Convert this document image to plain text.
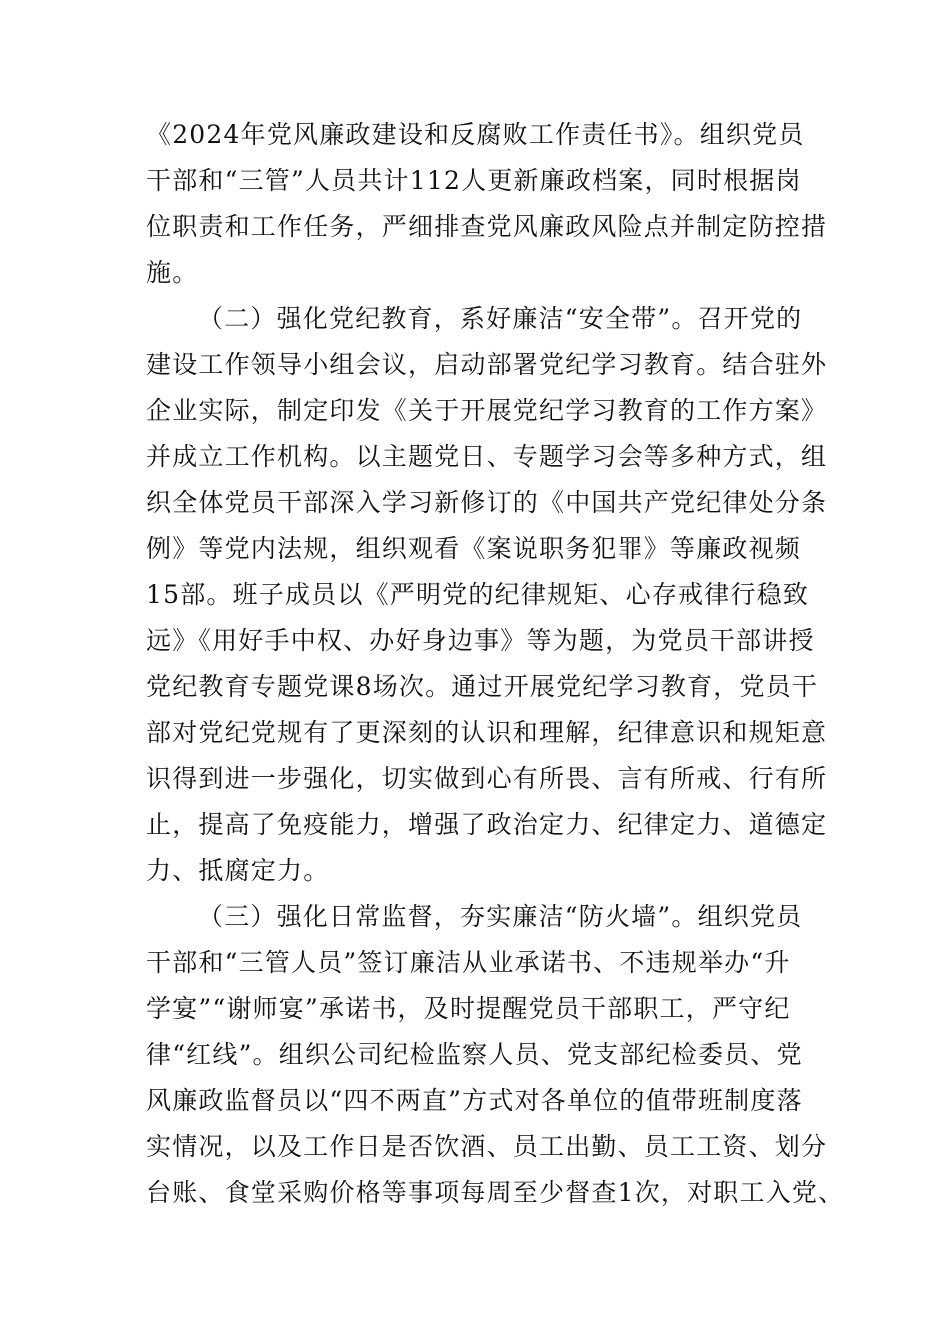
《2024年党风廉政建设和反腐败工作责任书》。组织党员
干部和“三管”人员共计112人更新廉政档案，同时根据岗
位职责和工作任务，严细排查党风廉政风险点并制定防控措
施。
（二）强化党纪教育，系好廉洁“安全带”。召开党的
建设工作领导小组会议，启动部署党纪学习教育。结合驻外
企业实际，制定印发《关于开展党纪学习教育的工作方案》
并成立工作机构。以主题党日、专题学习会等多种方式，组
织全体党员干部深入学习新修订的《中国共产党纪律处分条
例》等党内法规，组织观看《案说职务犯罪》等廉政视频
15部。班子成员以《严明党的纪律规矩、心存戒律行稳致
远》《用好手中权、办好身边事》等为题，为党员干部讲授
党纪教育专题党课8场次。通过开展党纪学习教育，党员干
部对党纪党规有了更深刻的认识和理解，纪律意识和规矩意
识得到进一步强化，切实做到心有所畏、言有所戒、行有所
止，提高了免疫能力，增强了政治定力、纪律定力、道德定
力、抵腐定力。
（三）强化日常监督，夯实廉洁“防火墙”。组织党员
干部和“三管人员”签订廉洁从业承诺书、不违规举办“升
学宴”“谢师宴”承诺书，及时提醒党员干部职工，严守纪
律“红线”。组织公司纪检监察人员、党支部纪检委员、党
风廉政监督员以“四不两直”方式对各单位的值带班制度落
实情况，以及工作日是否饮酒、员工出勤、员工工资、划分
台账、食堂采购价格等事项每周至少督查1次，对职工入党、
